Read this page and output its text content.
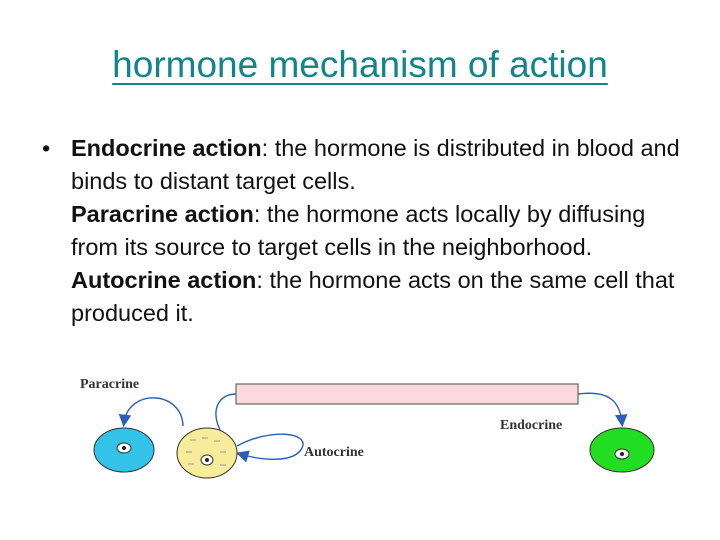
hormone mechanism of action
• Endocrine action: the hormone is distributed in blood and binds to distant target cells.
Paracrine action: the hormone acts locally by diffusing from its source to target cells in the neighborhood.
Autocrine action: the hormone acts on the same cell that produced it.
Paracrine
Autocrine
Endocrine
